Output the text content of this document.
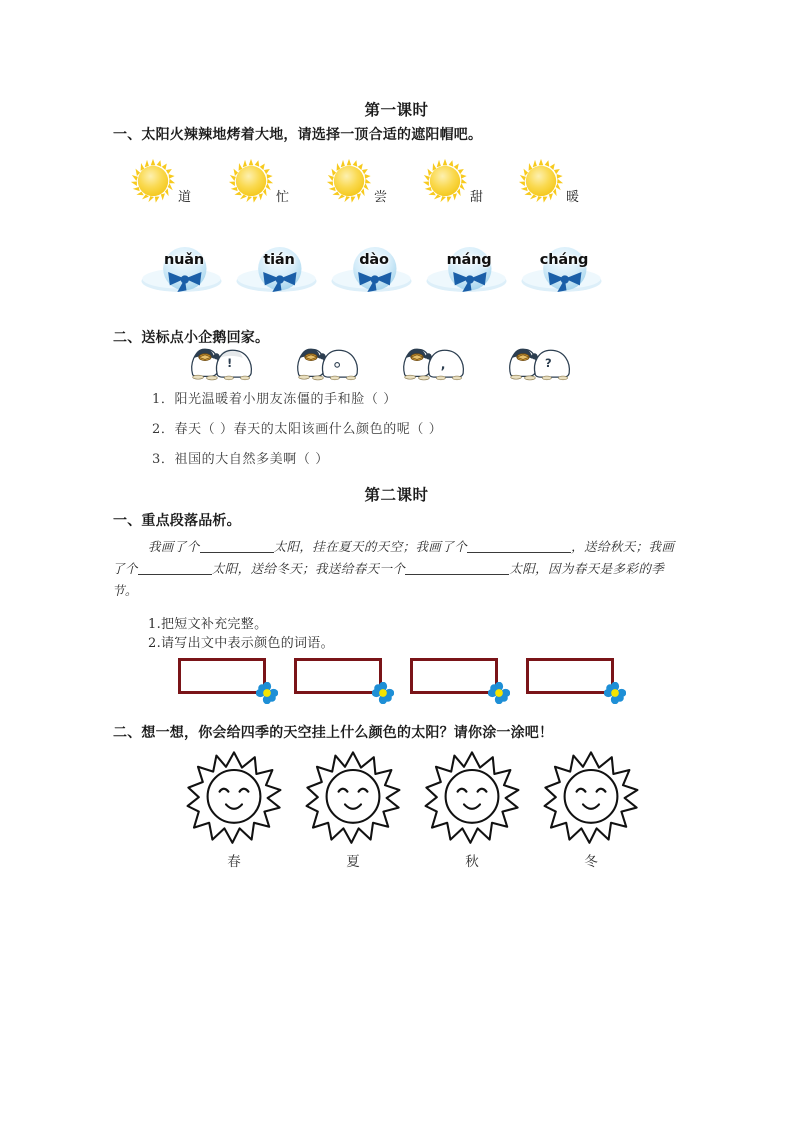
第一课时
一、太阳火辣辣地烤着大地，请选择一顶合适的遮阳帽吧。
道	忙	尝	甜	暖
nuǎn	tián	dào	máng	cháng
二、送标点小企鹅回家。
!	,	?
1．阳光温暖着小朋友冻僵的手和脸（ ）
2．春天（ ）春天的太阳该画什么颜色的呢（ ）
3．祖国的大自然多美啊（ ）
第二课时
一、重点段落品析。
我画了个	太阳，挂在夏天的天空；我画了个	，送给秋天；我画了个	太阳，送给冬天；我送给春天一个	太阳，因为春天是多彩的季节。
1.把短文补充完整。
2.请写出文中表示颜色的词语。
二、想一想，你会给四季的天空挂上什么颜色的太阳？请你涂一涂吧！
春	夏	秋	冬
